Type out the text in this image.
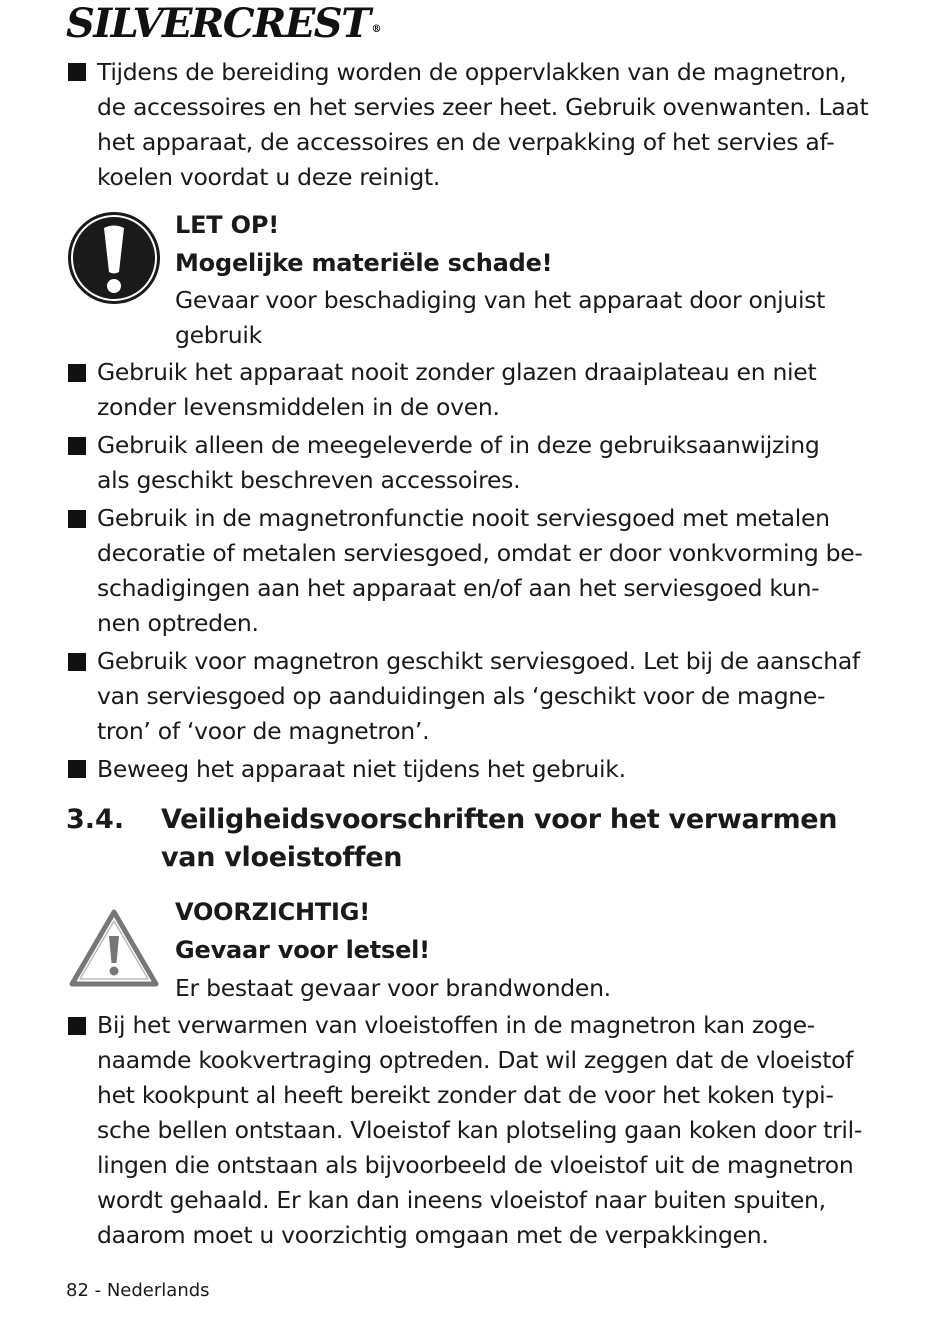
SILVERCREST ®
Tijdens de bereiding worden de oppervlakken van de magnetron,
de accessoires en het servies zeer heet. Gebruik ovenwanten. Laat
het apparaat, de accessoires en de verpakking of het servies af-
koelen voordat u deze reinigt.
LET OP!
Mogelijke materiële schade!
Gevaar voor beschadiging van het apparaat door onjuist
gebruik
Gebruik het apparaat nooit zonder glazen draaiplateau en niet
zonder levensmiddelen in de oven.
Gebruik alleen de meegeleverde of in deze gebruiksaanwijzing
als geschikt beschreven accessoires.
Gebruik in de magnetronfunctie nooit serviesgoed met metalen
decoratie of metalen serviesgoed, omdat er door vonkvorming be-
schadigingen aan het apparaat en/of aan het serviesgoed kun-
nen optreden.
Gebruik voor magnetron geschikt serviesgoed. Let bij de aanschaf
van serviesgoed op aanduidingen als ‘geschikt voor de magne-
tron’ of ‘voor de magnetron’.
Beweeg het apparaat niet tijdens het gebruik.
3.4. Veiligheidsvoorschriften voor het verwarmen
van vloeistoffen
VOORZICHTIG!
Gevaar voor letsel!
Er bestaat gevaar voor brandwonden.
Bij het verwarmen van vloeistoffen in de magnetron kan zoge-
naamde kookvertraging optreden. Dat wil zeggen dat de vloeistof
het kookpunt al heeft bereikt zonder dat de voor het koken typi-
sche bellen ontstaan. Vloeistof kan plotseling gaan koken door tril-
lingen die ontstaan als bijvoorbeeld de vloeistof uit de magnetron
wordt gehaald. Er kan dan ineens vloeistof naar buiten spuiten,
daarom moet u voorzichtig omgaan met de verpakkingen.
82 - Nederlands
